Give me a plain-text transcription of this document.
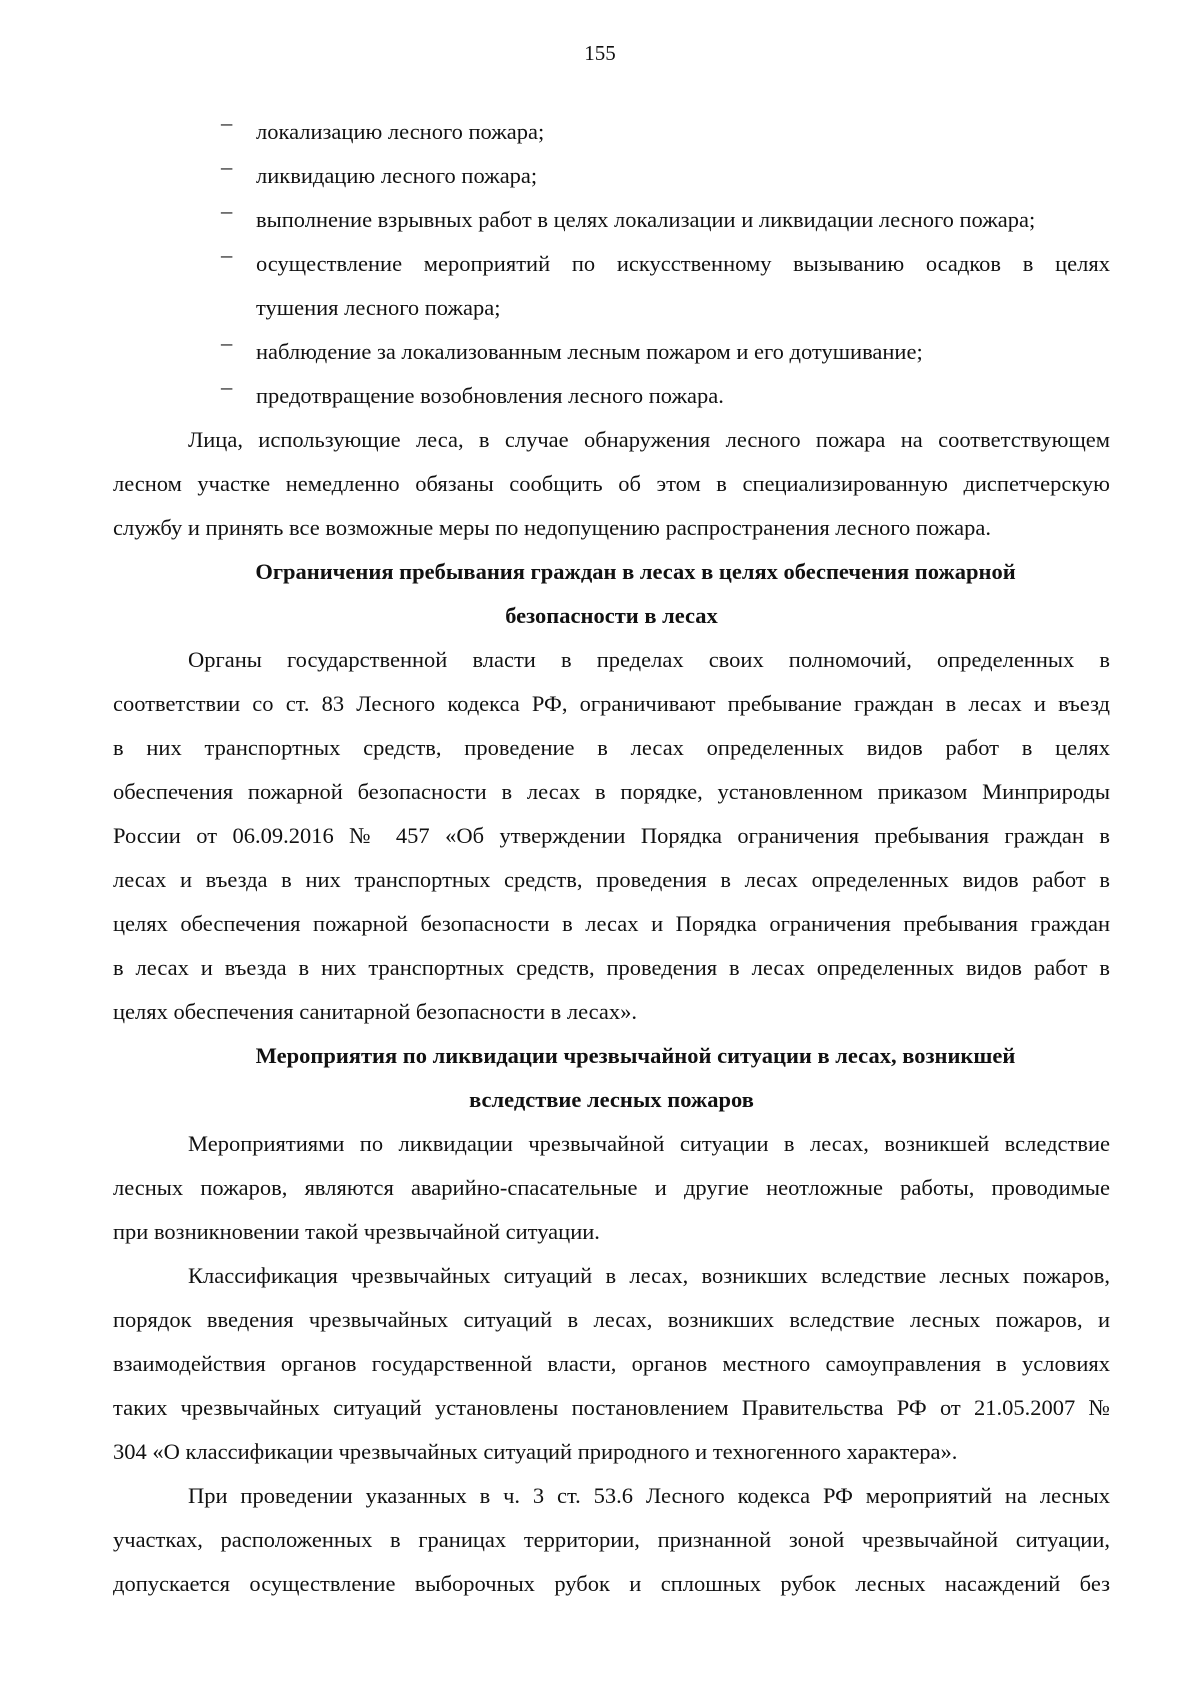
155
– локализацию лесного пожара;
– ликвидацию лесного пожара;
– выполнение взрывных работ в целях локализации и ликвидации лесного пожара;
– осуществление мероприятий по искусственному вызыванию осадков в целях
тушения лесного пожара;
– наблюдение за локализованным лесным пожаром и его дотушивание;
– предотвращение возобновления лесного пожара.
Лица, использующие леса, в случае обнаружения лесного пожара на соответствующем
лесном участке немедленно обязаны сообщить об этом в специализированную диспетчерскую
службу и принять все возможные меры по недопущению распространения лесного пожара.
Ограничения пребывания граждан в лесах в целях обеспечения пожарной
безопасности в лесах
Органы государственной власти в пределах своих полномочий, определенных в
соответствии со ст. 83 Лесного кодекса РФ, ограничивают пребывание граждан в лесах и въезд
в них транспортных средств, проведение в лесах определенных видов работ в целях
обеспечения пожарной безопасности в лесах в порядке, установленном приказом Минприроды
России от 06.09.2016 № 457 «Об утверждении Порядка ограничения пребывания граждан в
лесах и въезда в них транспортных средств, проведения в лесах определенных видов работ в
целях обеспечения пожарной безопасности в лесах и Порядка ограничения пребывания граждан
в лесах и въезда в них транспортных средств, проведения в лесах определенных видов работ в
целях обеспечения санитарной безопасности в лесах».
Мероприятия по ликвидации чрезвычайной ситуации в лесах, возникшей
вследствие лесных пожаров
Мероприятиями по ликвидации чрезвычайной ситуации в лесах, возникшей вследствие
лесных пожаров, являются аварийно-спасательные и другие неотложные работы, проводимые
при возникновении такой чрезвычайной ситуации.
Классификация чрезвычайных ситуаций в лесах, возникших вследствие лесных пожаров,
порядок введения чрезвычайных ситуаций в лесах, возникших вследствие лесных пожаров, и
взаимодействия органов государственной власти, органов местного самоуправления в условиях
таких чрезвычайных ситуаций установлены постановлением Правительства РФ от 21.05.2007 №
304 «О классификации чрезвычайных ситуаций природного и техногенного характера».
При проведении указанных в ч. 3 ст. 53.6 Лесного кодекса РФ мероприятий на лесных
участках, расположенных в границах территории, признанной зоной чрезвычайной ситуации,
допускается осуществление выборочных рубок и сплошных рубок лесных насаждений без
